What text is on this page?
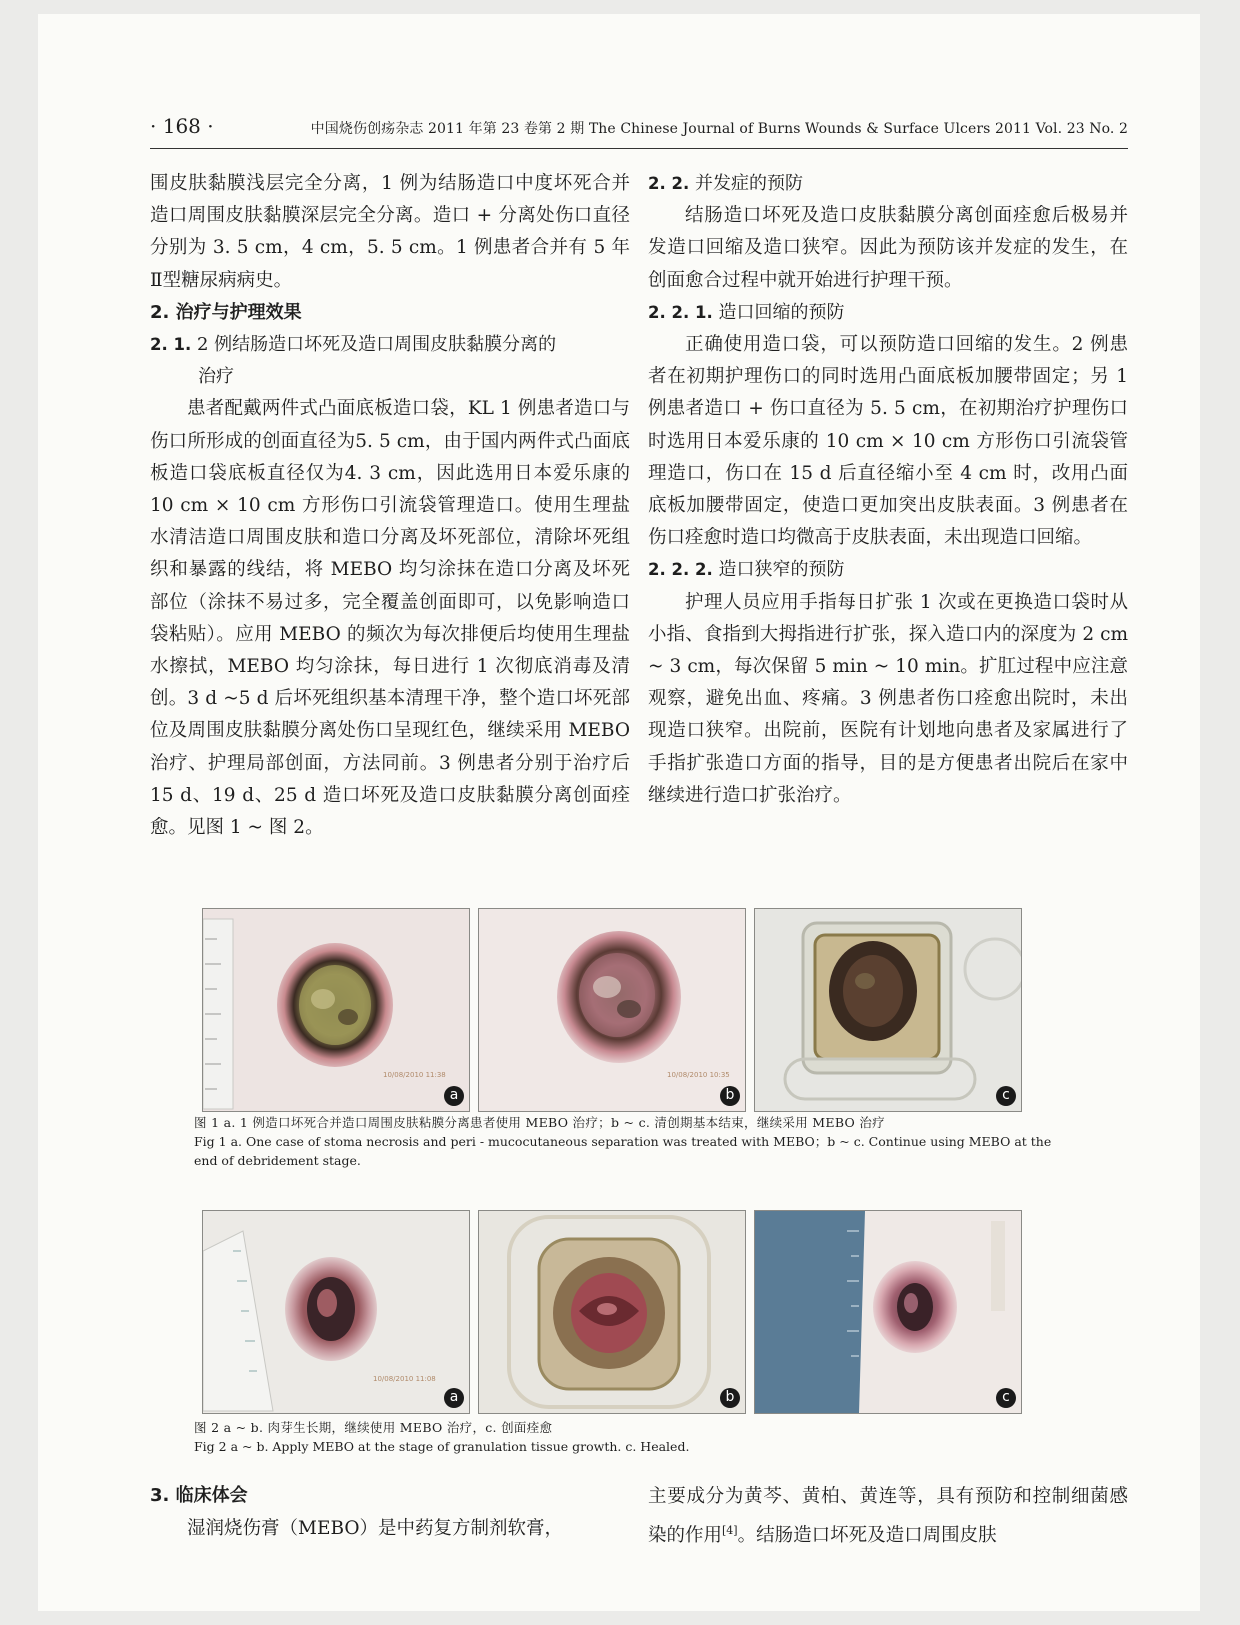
· 168 ·	中国烧伤创疡杂志 2011 年第 23 卷第 2 期 The Chinese Journal of Burns Wounds & Surface Ulcers 2011 Vol. 23 No. 2

围皮肤黏膜浅层完全分离，1 例为结肠造口中度坏死合并造口周围皮肤黏膜深层完全分离。造口 + 分离处伤口直径分别为 3. 5 cm，4 cm，5. 5 cm。1 例患者合并有 5 年Ⅱ型糖尿病病史。

2. 治疗与护理效果
2. 1. 2 例结肠造口坏死及造口周围皮肤黏膜分离的
治疗

患者配戴两件式凸面底板造口袋，KL 1 例患者造口与伤口所形成的创面直径为5. 5 cm，由于国内两件式凸面底板造口袋底板直径仅为4. 3 cm，因此选用日本爱乐康的 10 cm × 10 cm 方形伤口引流袋管理造口。使用生理盐水清洁造口周围皮肤和造口分离及坏死部位，清除坏死组织和暴露的线结，将 MEBO 均匀涂抹在造口分离及坏死部位（涂抹不易过多，完全覆盖创面即可，以免影响造口袋粘贴）。应用 MEBO 的频次为每次排便后均使用生理盐水擦拭，MEBO 均匀涂抹，每日进行 1 次彻底消毒及清创。3 d ~5 d 后坏死组织基本清理干净，整个造口坏死部位及周围皮肤黏膜分离处伤口呈现红色，继续采用 MEBO 治疗、护理局部创面，方法同前。3 例患者分别于治疗后 15 d、19 d、25 d 造口坏死及造口皮肤黏膜分离创面痊愈。见图 1 ~ 图 2。

2. 2. 并发症的预防

结肠造口坏死及造口皮肤黏膜分离创面痊愈后极易并发造口回缩及造口狭窄。因此为预防该并发症的发生，在创面愈合过程中就开始进行护理干预。

2. 2. 1. 造口回缩的预防

正确使用造口袋，可以预防造口回缩的发生。2 例患者在初期护理伤口的同时选用凸面底板加腰带固定；另 1 例患者造口 + 伤口直径为 5. 5 cm，在初期治疗护理伤口时选用日本爱乐康的 10 cm × 10 cm 方形伤口引流袋管理造口，伤口在 15 d 后直径缩小至 4 cm 时，改用凸面底板加腰带固定，使造口更加突出皮肤表面。3 例患者在伤口痊愈时造口均微高于皮肤表面，未出现造口回缩。

2. 2. 2. 造口狭窄的预防

护理人员应用手指每日扩张 1 次或在更换造口袋时从小指、食指到大拇指进行扩张，探入造口内的深度为 2 cm ~ 3 cm，每次保留 5 min ~ 10 min。扩肛过程中应注意观察，避免出血、疼痛。3 例患者伤口痊愈出院时，未出现造口狭窄。出院前，医院有计划地向患者及家属进行了手指扩张造口方面的指导，目的是方便患者出院后在家中继续进行造口扩张治疗。

10/08/2010 11:38
a
10/08/2010 10:35
b	c
图 1 a. 1 例造口坏死合并造口周围皮肤粘膜分离患者使用 MEBO 治疗；b ~ c. 清创期基本结束，继续采用 MEBO 治疗
Fig 1 a. One case of stoma necrosis and peri - mucocutaneous separation was treated with MEBO；b ~ c. Continue using MEBO at the end of debridement stage.
10/08/2010 11:08
a	b	c
图 2 a ~ b. 肉芽生长期，继续使用 MEBO 治疗，c. 创面痊愈
Fig 2 a ~ b. Apply MEBO at the stage of granulation tissue growth. c. Healed.
3. 临床体会

湿润烧伤膏（MEBO）是中药复方制剂软膏，

主要成分为黄芩、黄柏、黄连等，具有预防和控制细菌感染的作用[4]。结肠造口坏死及造口周围皮肤
